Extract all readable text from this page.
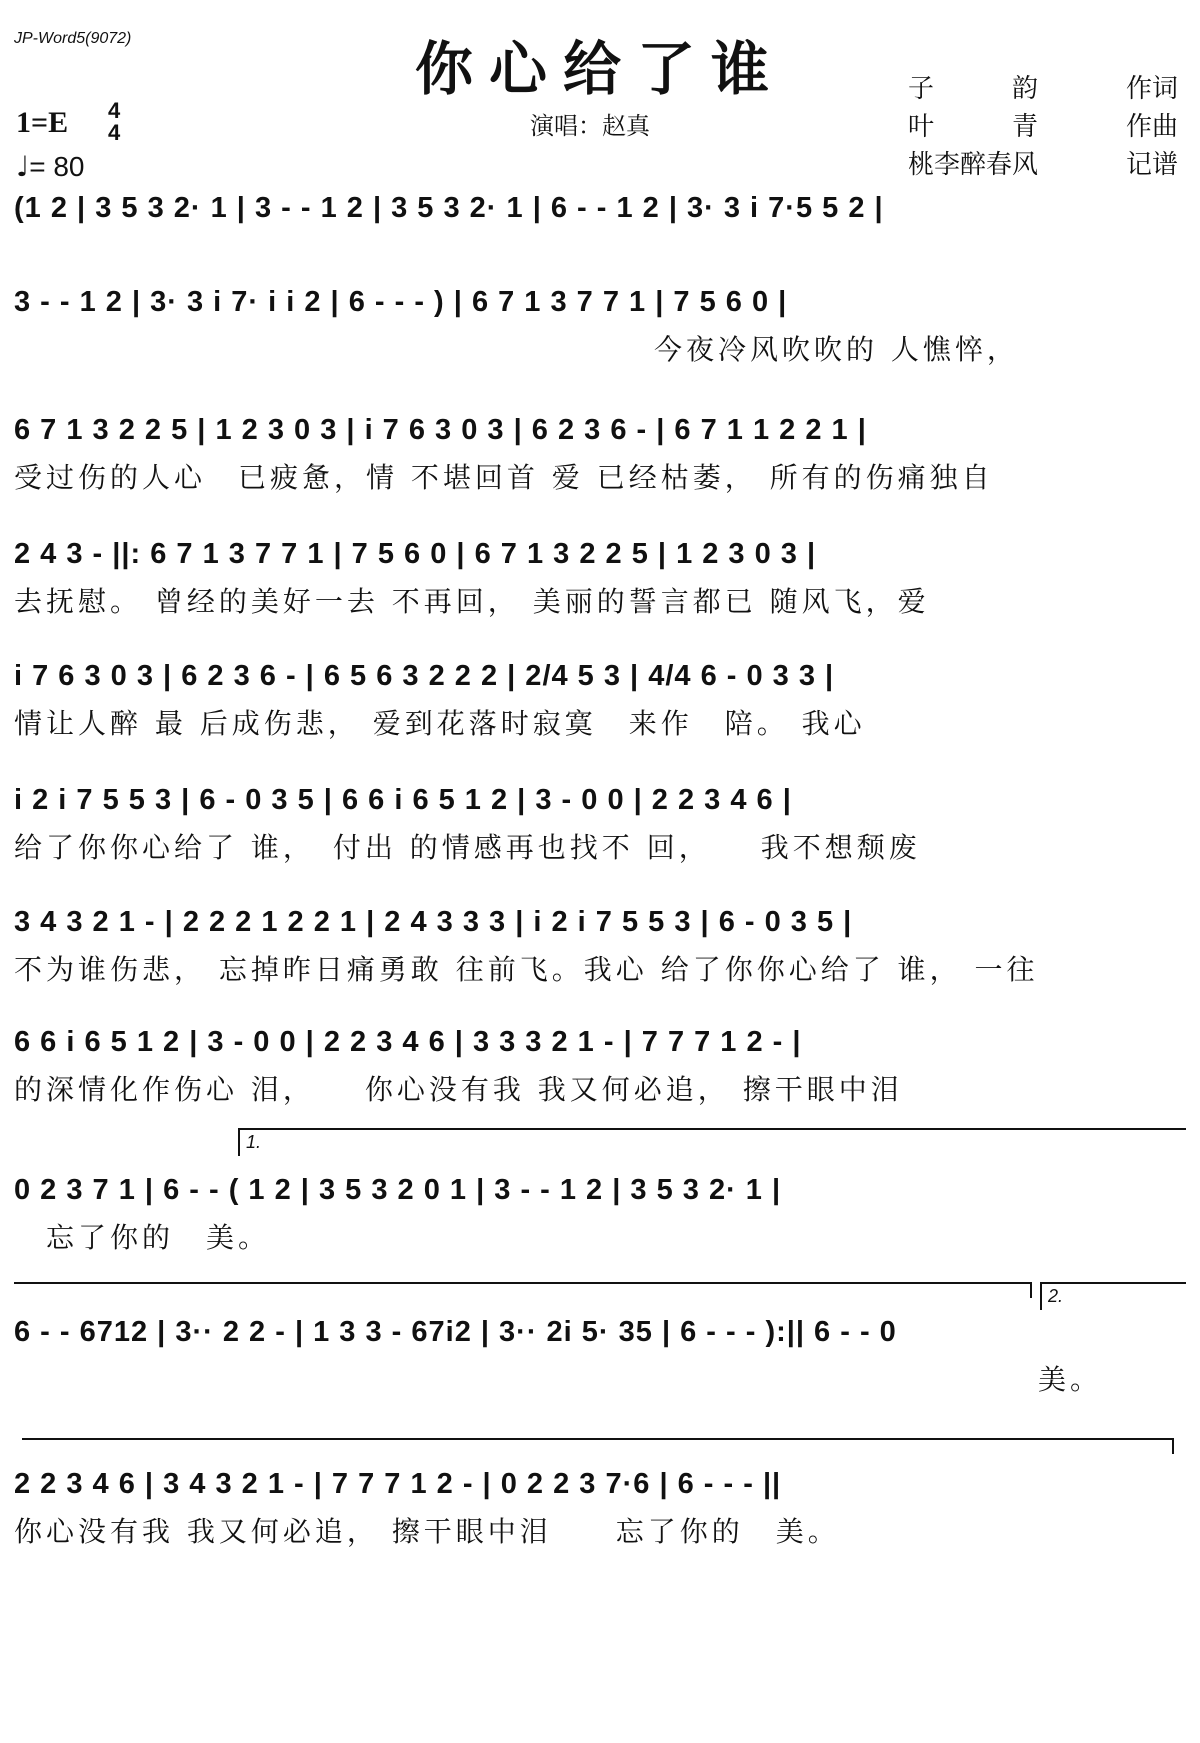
JP-Word5(9072)	你心给了谁
演唱：赵真
子　　　韵	作词
叶　　　青	作曲
桃李醉春风	记谱
1=E 4
4
♩= 80
(1 2 | 3 5 3 2· 1 | 3 - - 1 2 | 3 5 3 2· 1 | 6 - - 1 2 | 3· 3 i 7·5 5 2 |
3 - - 1 2 | 3· 3 i 7· i i 2 | 6 - - - ) | 6 7 1 3 7 7 1 | 7 5 6 0 |
　　　　　　　　　　　　　　　　　　　　今夜冷风吹吹的 人憔悴，
6 7 1 3 2 2 5 | 1 2 3 0 3 | i 7 6 3 0 3 | 6 2 3 6 - | 6 7 1 1 2 2 1 |
受过伤的人心　已疲惫，情 不堪回首 爱 已经枯萎， 所有的伤痛独自
2 4 3 - ||: 6 7 1 3 7 7 1 | 7 5 6 0 | 6 7 1 3 2 2 5 | 1 2 3 0 3 |
去抚慰。 曾经的美好一去 不再回， 美丽的誓言都已 随风飞，爱
i 7 6 3 0 3 | 6 2 3 6 - | 6 5 6 3 2 2 2 | 2/4 5 3 | 4/4 6 - 0 3 3 |
情让人醉 最 后成伤悲， 爱到花落时寂寞　来作　陪。 我心
i 2 i 7 5 5 3 | 6 - 0 3 5 | 6 6 i 6 5 1 2 | 3 - 0 0 | 2 2 3 4 6 |
给了你你心给了 谁，　付出 的情感再也找不 回，　　我不想颓废
3 4 3 2 1 - | 2 2 2 1 2 2 1 | 2 4 3 3 3 | i 2 i 7 5 5 3 | 6 - 0 3 5 |
不为谁伤悲， 忘掉昨日痛勇敢 往前飞。我心 给了你你心给了 谁， 一往
6 6 i 6 5 1 2 | 3 - 0 0 | 2 2 3 4 6 | 3 3 3 2 1 - | 7 7 7 1 2 - |
的深情化作伤心 泪，　　你心没有我 我又何必追， 擦干眼中泪
1.
0 2 3 7 1 | 6 - - ( 1 2 | 3 5 3 2 0 1 | 3 - - 1 2 | 3 5 3 2· 1 |
　忘了你的　美。
2.
6 - - 6712 | 3·· 2 2 - | 1 3 3 - 67i2 | 3·· 2i 5· 35 | 6 - - - ):|| 6 - - 0
　　　　　　　　　　　　　　　　　　　　　　　　　　　　　　　　美。
2 2 3 4 6 | 3 4 3 2 1 - | 7 7 7 1 2 - | 0 2 2 3 7·6 | 6 - - - ||
你心没有我 我又何必追， 擦干眼中泪　　忘了你的　美。
